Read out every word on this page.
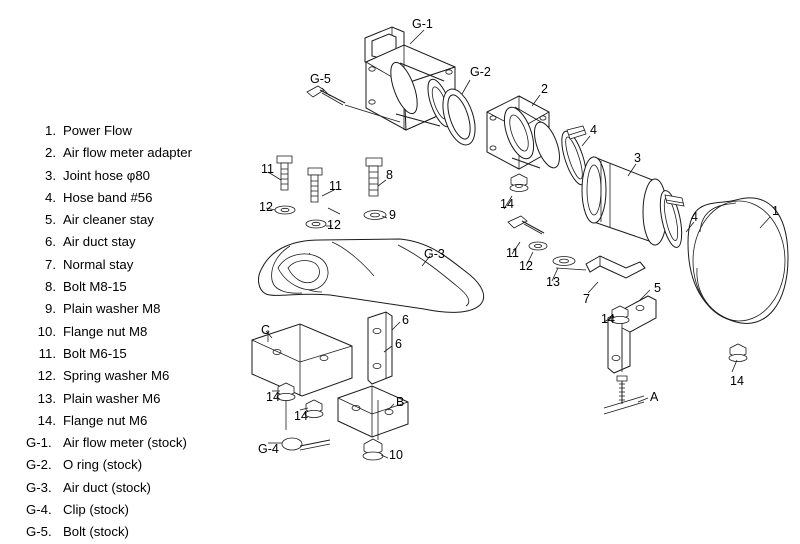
1. Power Flow
2. Air flow meter adapter
3. Joint hose φ80
4. Hose band #56
5. Air cleaner stay
6. Air duct stay
7. Normal stay
8. Bolt M8-15
9. Plain washer M8
10. Flange nut M8
11. Bolt M6-15
12. Spring washer M6
13. Plain washer M6
14. Flange nut M6
G-1. Air flow meter (stock)
G-2. O ring (stock)
G-3. Air duct (stock)
G-4. Clip (stock)
G-5. Bolt (stock)
G-1
G-2
G-5
2
4
3
11
11
8
14
4	1
12
12
9
11
12
13
G-3
7
5
6
6
C
14
14
14
14
B	A
G-4	10
